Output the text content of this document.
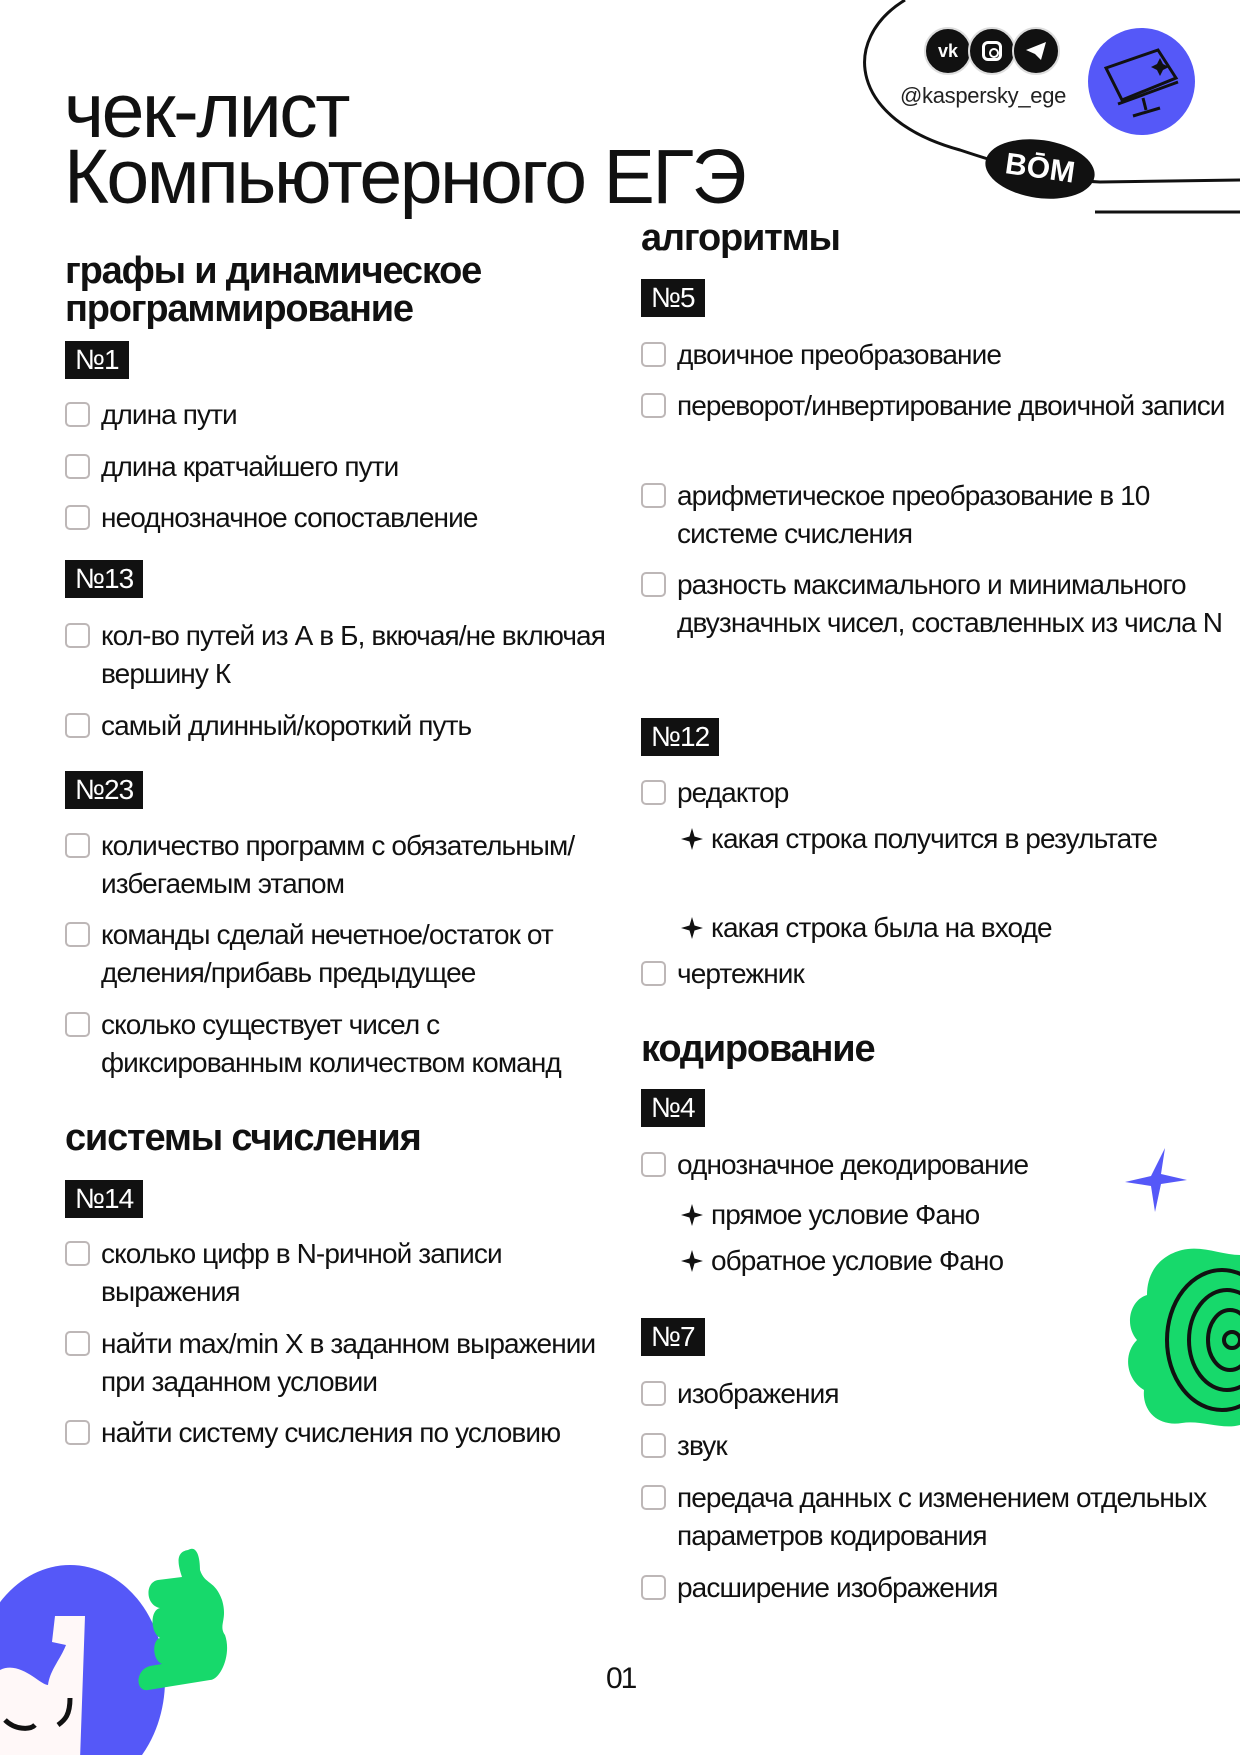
чек-лист
Компьютерного ЕГЭ
vk
@kaspersky_ege
ВŌМ
графы и динамическое программирование
№1
длина пути
длина кратчайшего пути
неоднозначное сопоставление
№13
кол-во путей из А в Б, вкючая/не включая вершину К
самый длинный/короткий путь
№23
количество программ с обязательным/избегаемым этапом
команды сделай нечетное/остаток от деления/прибавь предыдущее
сколько существует чисел с фиксированным количеством команд
системы счисления
№14
сколько цифр в N-ричной записи выражения
найти max/min X в заданном выражении при заданном условии
найти систему счисления по условию
алгоритмы
№5
двоичное преобразование
переворот/инвертирование двоичной записи
арифметическое преобразование в 10 системе счисления
разность максимального и минимального двузначных чисел, составленных из числа N
№12
редактор
какая строка получится в результате
какая строка была на входе
чертежник
кодирование
№4
однозначное декодирование
прямое условие Фано
обратное условие Фано
№7
изображения
звук
передача данных с изменением отдельных параметров кодирования
расширение изображения
01
